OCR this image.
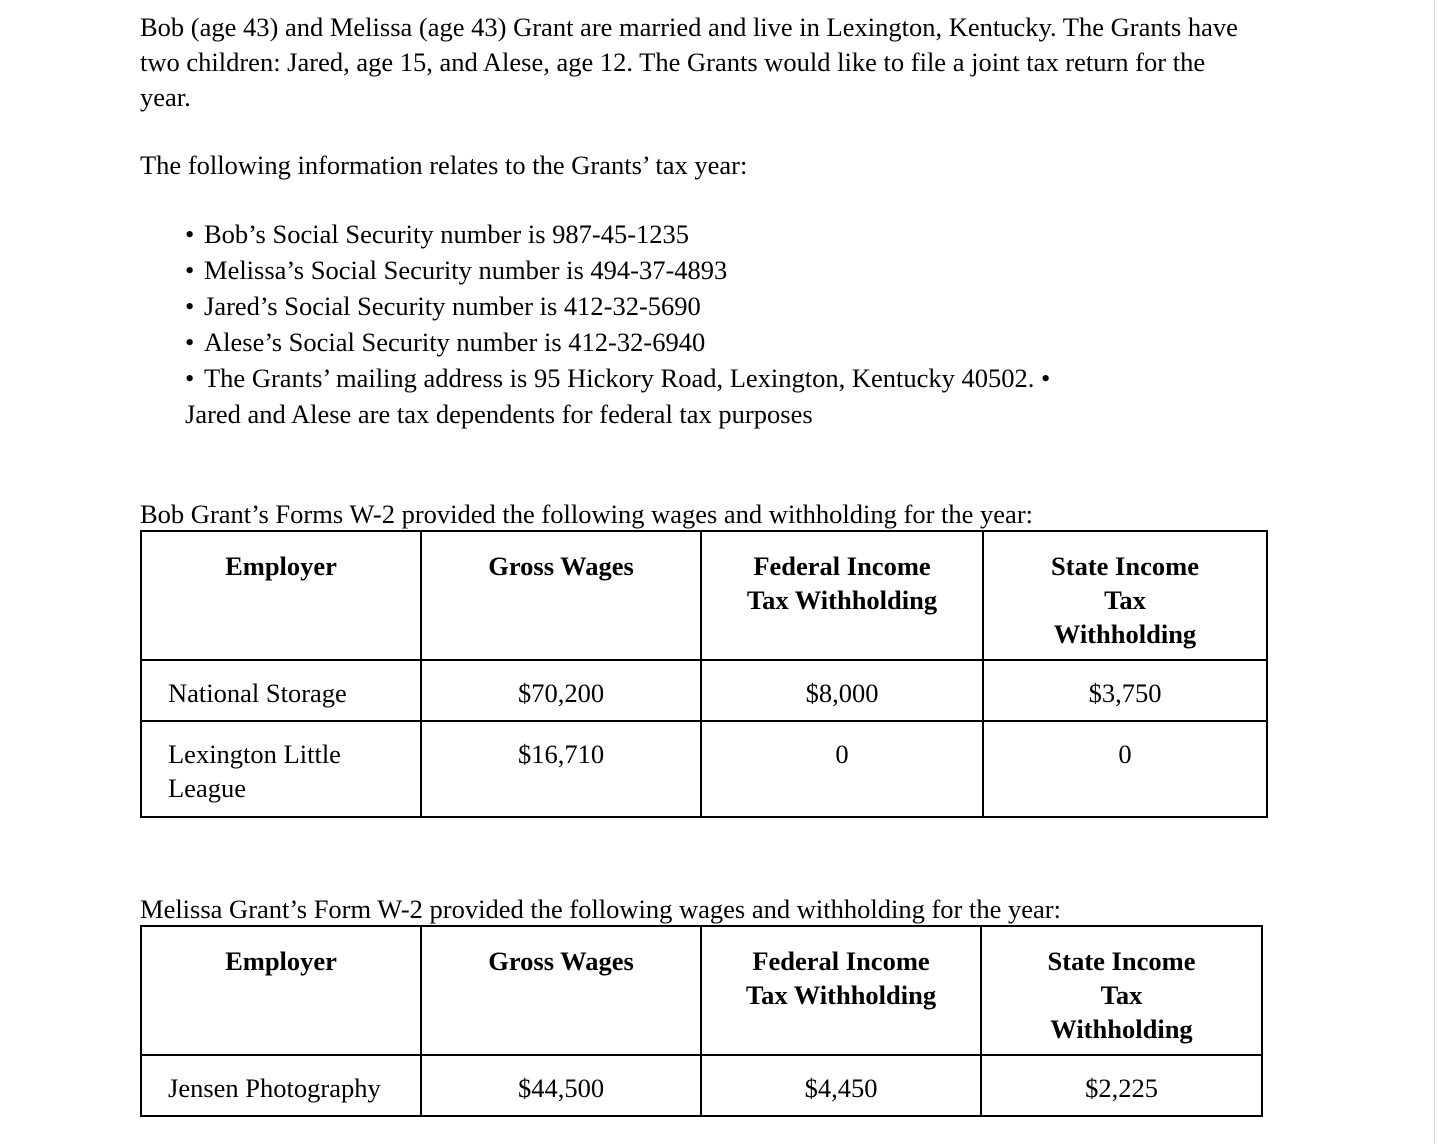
Bob (age 43) and Melissa (age 43) Grant are married and live in Lexington, Kentucky. The Grants have two children: Jared, age 15, and Alese, age 12. The Grants would like to file a joint tax return for the year.

The following information relates to the Grants’ tax year:

• Bob’s Social Security number is 987-45-1235
• Melissa’s Social Security number is 494-37-4893
• Jared’s Social Security number is 412-32-5690
• Alese’s Social Security number is 412-32-6940
• The Grants’ mailing address is 95 Hickory Road, Lexington, Kentucky 40502. •
Jared and Alese are tax dependents for federal tax purposes

Bob Grant’s Forms W-2 provided the following wages and withholding for the year:

Employer	Gross Wages	Federal Income Tax Withholding	State Income Tax Withholding
National Storage	$70,200	$8,000	$3,750
Lexington Little League	$16,710	0	0

Melissa Grant’s Form W-2 provided the following wages and withholding for the year:

Employer	Gross Wages	Federal Income Tax Withholding	State Income Tax Withholding
Jensen Photography	$44,500	$4,450	$2,225
